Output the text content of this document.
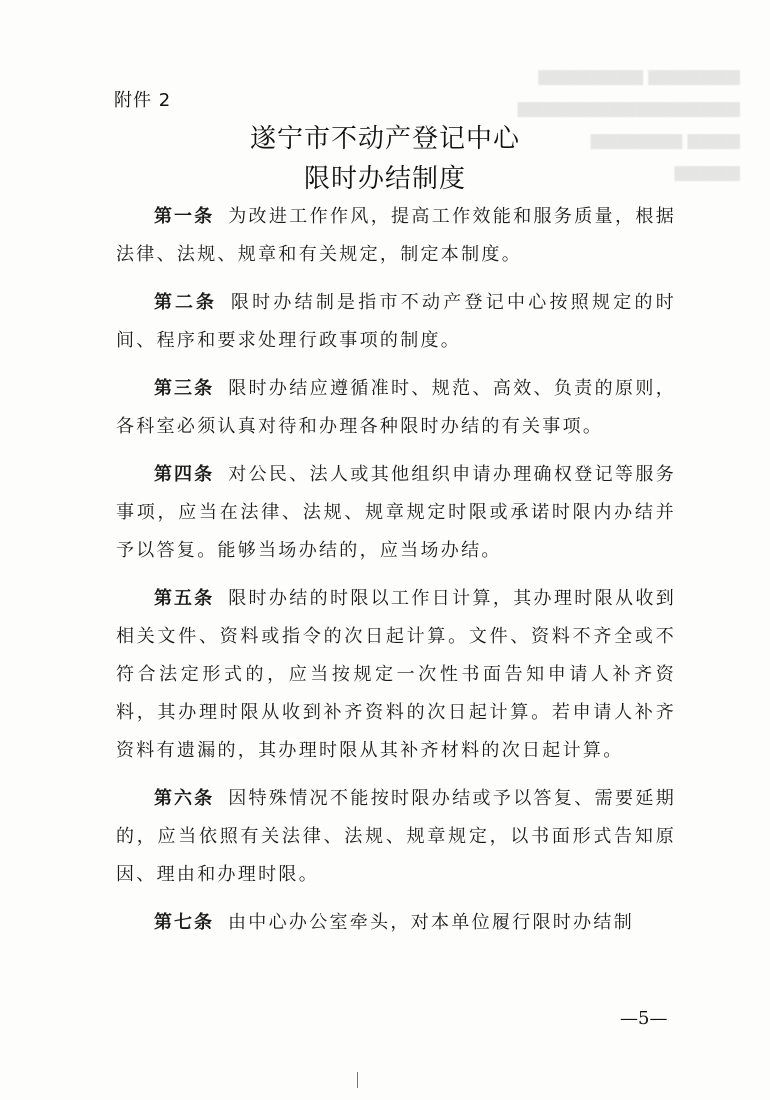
▆▆▆▆▆▆▆ ▆▆▆▆▆▆▆▆
▆▆▆▆▆▆▆▆▆▆▆▆▆▆▆▆▆
▆▆▆▆ ▆▆▆▆▆▆▆
▆▆▆▆▆
附件 2
遂宁市不动产登记中心
限时办结制度

第一条 为改进工作作风，提高工作效能和服务质量，根据法律、法规、规章和有关规定，制定本制度。

第二条 限时办结制是指市不动产登记中心按照规定的时间、程序和要求处理行政事项的制度。

第三条 限时办结应遵循准时、规范、高效、负责的原则，各科室必须认真对待和办理各种限时办结的有关事项。

第四条 对公民、法人或其他组织申请办理确权登记等服务事项，应当在法律、法规、规章规定时限或承诺时限内办结并予以答复。能够当场办结的，应当场办结。

第五条 限时办结的时限以工作日计算，其办理时限从收到相关文件、资料或指令的次日起计算。文件、资料不齐全或不符合法定形式的，应当按规定一次性书面告知申请人补齐资料，其办理时限从收到补齐资料的次日起计算。若申请人补齐资料有遗漏的，其办理时限从其补齐材料的次日起计算。

第六条 因特殊情况不能按时限办结或予以答复、需要延期的，应当依照有关法律、法规、规章规定，以书面形式告知原因、理由和办理时限。

第七条 由中心办公室牵头，对本单位履行限时办结制

—5—
